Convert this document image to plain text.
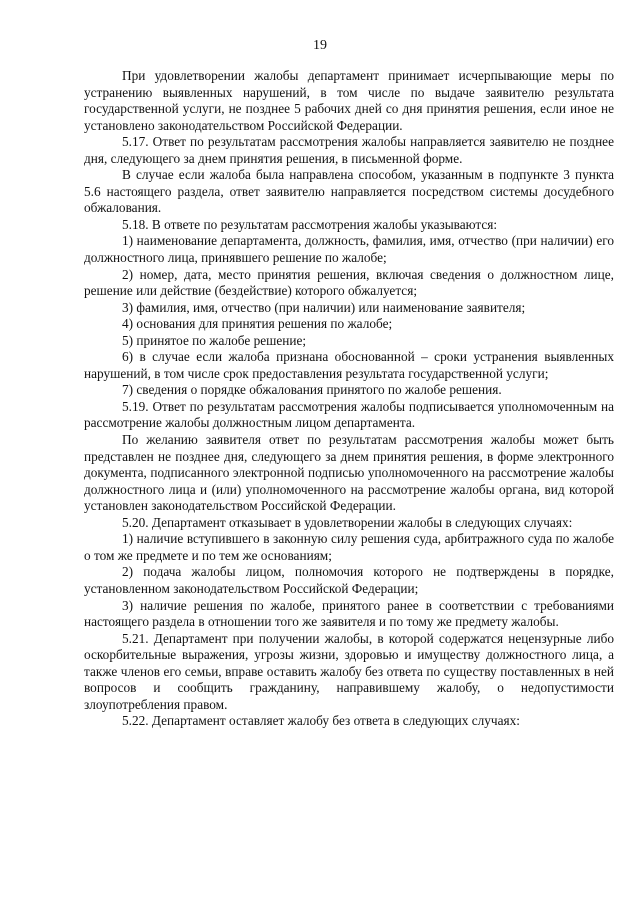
19

При удовлетворении жалобы департамент принимает исчерпывающие меры по устранению выявленных нарушений, в том числе по выдаче заявителю результата государственной услуги, не позднее 5 рабочих дней со дня принятия решения, если иное не установлено законодательством Российской Федерации.

5.17. Ответ по результатам рассмотрения жалобы направляется заявителю не позднее дня, следующего за днем принятия решения, в письменной форме.

В случае если жалоба была направлена способом, указанным в подпункте 3 пункта 5.6 настоящего раздела, ответ заявителю направляется посредством системы досудебного обжалования.

5.18. В ответе по результатам рассмотрения жалобы указываются:

1) наименование департамента, должность, фамилия, имя, отчество (при наличии) его должностного лица, принявшего решение по жалобе;

2) номер, дата, место принятия решения, включая сведения о должностном лице, решение или действие (бездействие) которого обжалуется;

3) фамилия, имя, отчество (при наличии) или наименование заявителя;

4) основания для принятия решения по жалобе;

5) принятое по жалобе решение;

6) в случае если жалоба признана обоснованной – сроки устранения выявленных нарушений, в том числе срок предоставления результата государственной услуги;

7) сведения о порядке обжалования принятого по жалобе решения.

5.19. Ответ по результатам рассмотрения жалобы подписывается уполномоченным на рассмотрение жалобы должностным лицом департамента.

По желанию заявителя ответ по результатам рассмотрения жалобы может быть представлен не позднее дня, следующего за днем принятия решения, в форме электронного документа, подписанного электронной подписью уполномоченного на рассмотрение жалобы должностного лица и (или) уполномоченного на рассмотрение жалобы органа, вид которой установлен законодательством Российской Федерации.

5.20. Департамент отказывает в удовлетворении жалобы в следующих случаях:

1) наличие вступившего в законную силу решения суда, арбитражного суда по жалобе о том же предмете и по тем же основаниям;

2) подача жалобы лицом, полномочия которого не подтверждены в порядке, установленном законодательством Российской Федерации;

3) наличие решения по жалобе, принятого ранее в соответствии с требованиями настоящего раздела в отношении того же заявителя и по тому же предмету жалобы.

5.21. Департамент при получении жалобы, в которой содержатся нецензурные либо оскорбительные выражения, угрозы жизни, здоровью и имуществу должностного лица, а также членов его семьи, вправе оставить жалобу без ответа по существу поставленных в ней вопросов и сообщить гражданину, направившему жалобу, о недопустимости злоупотребления правом.

5.22. Департамент оставляет жалобу без ответа в следующих случаях:
